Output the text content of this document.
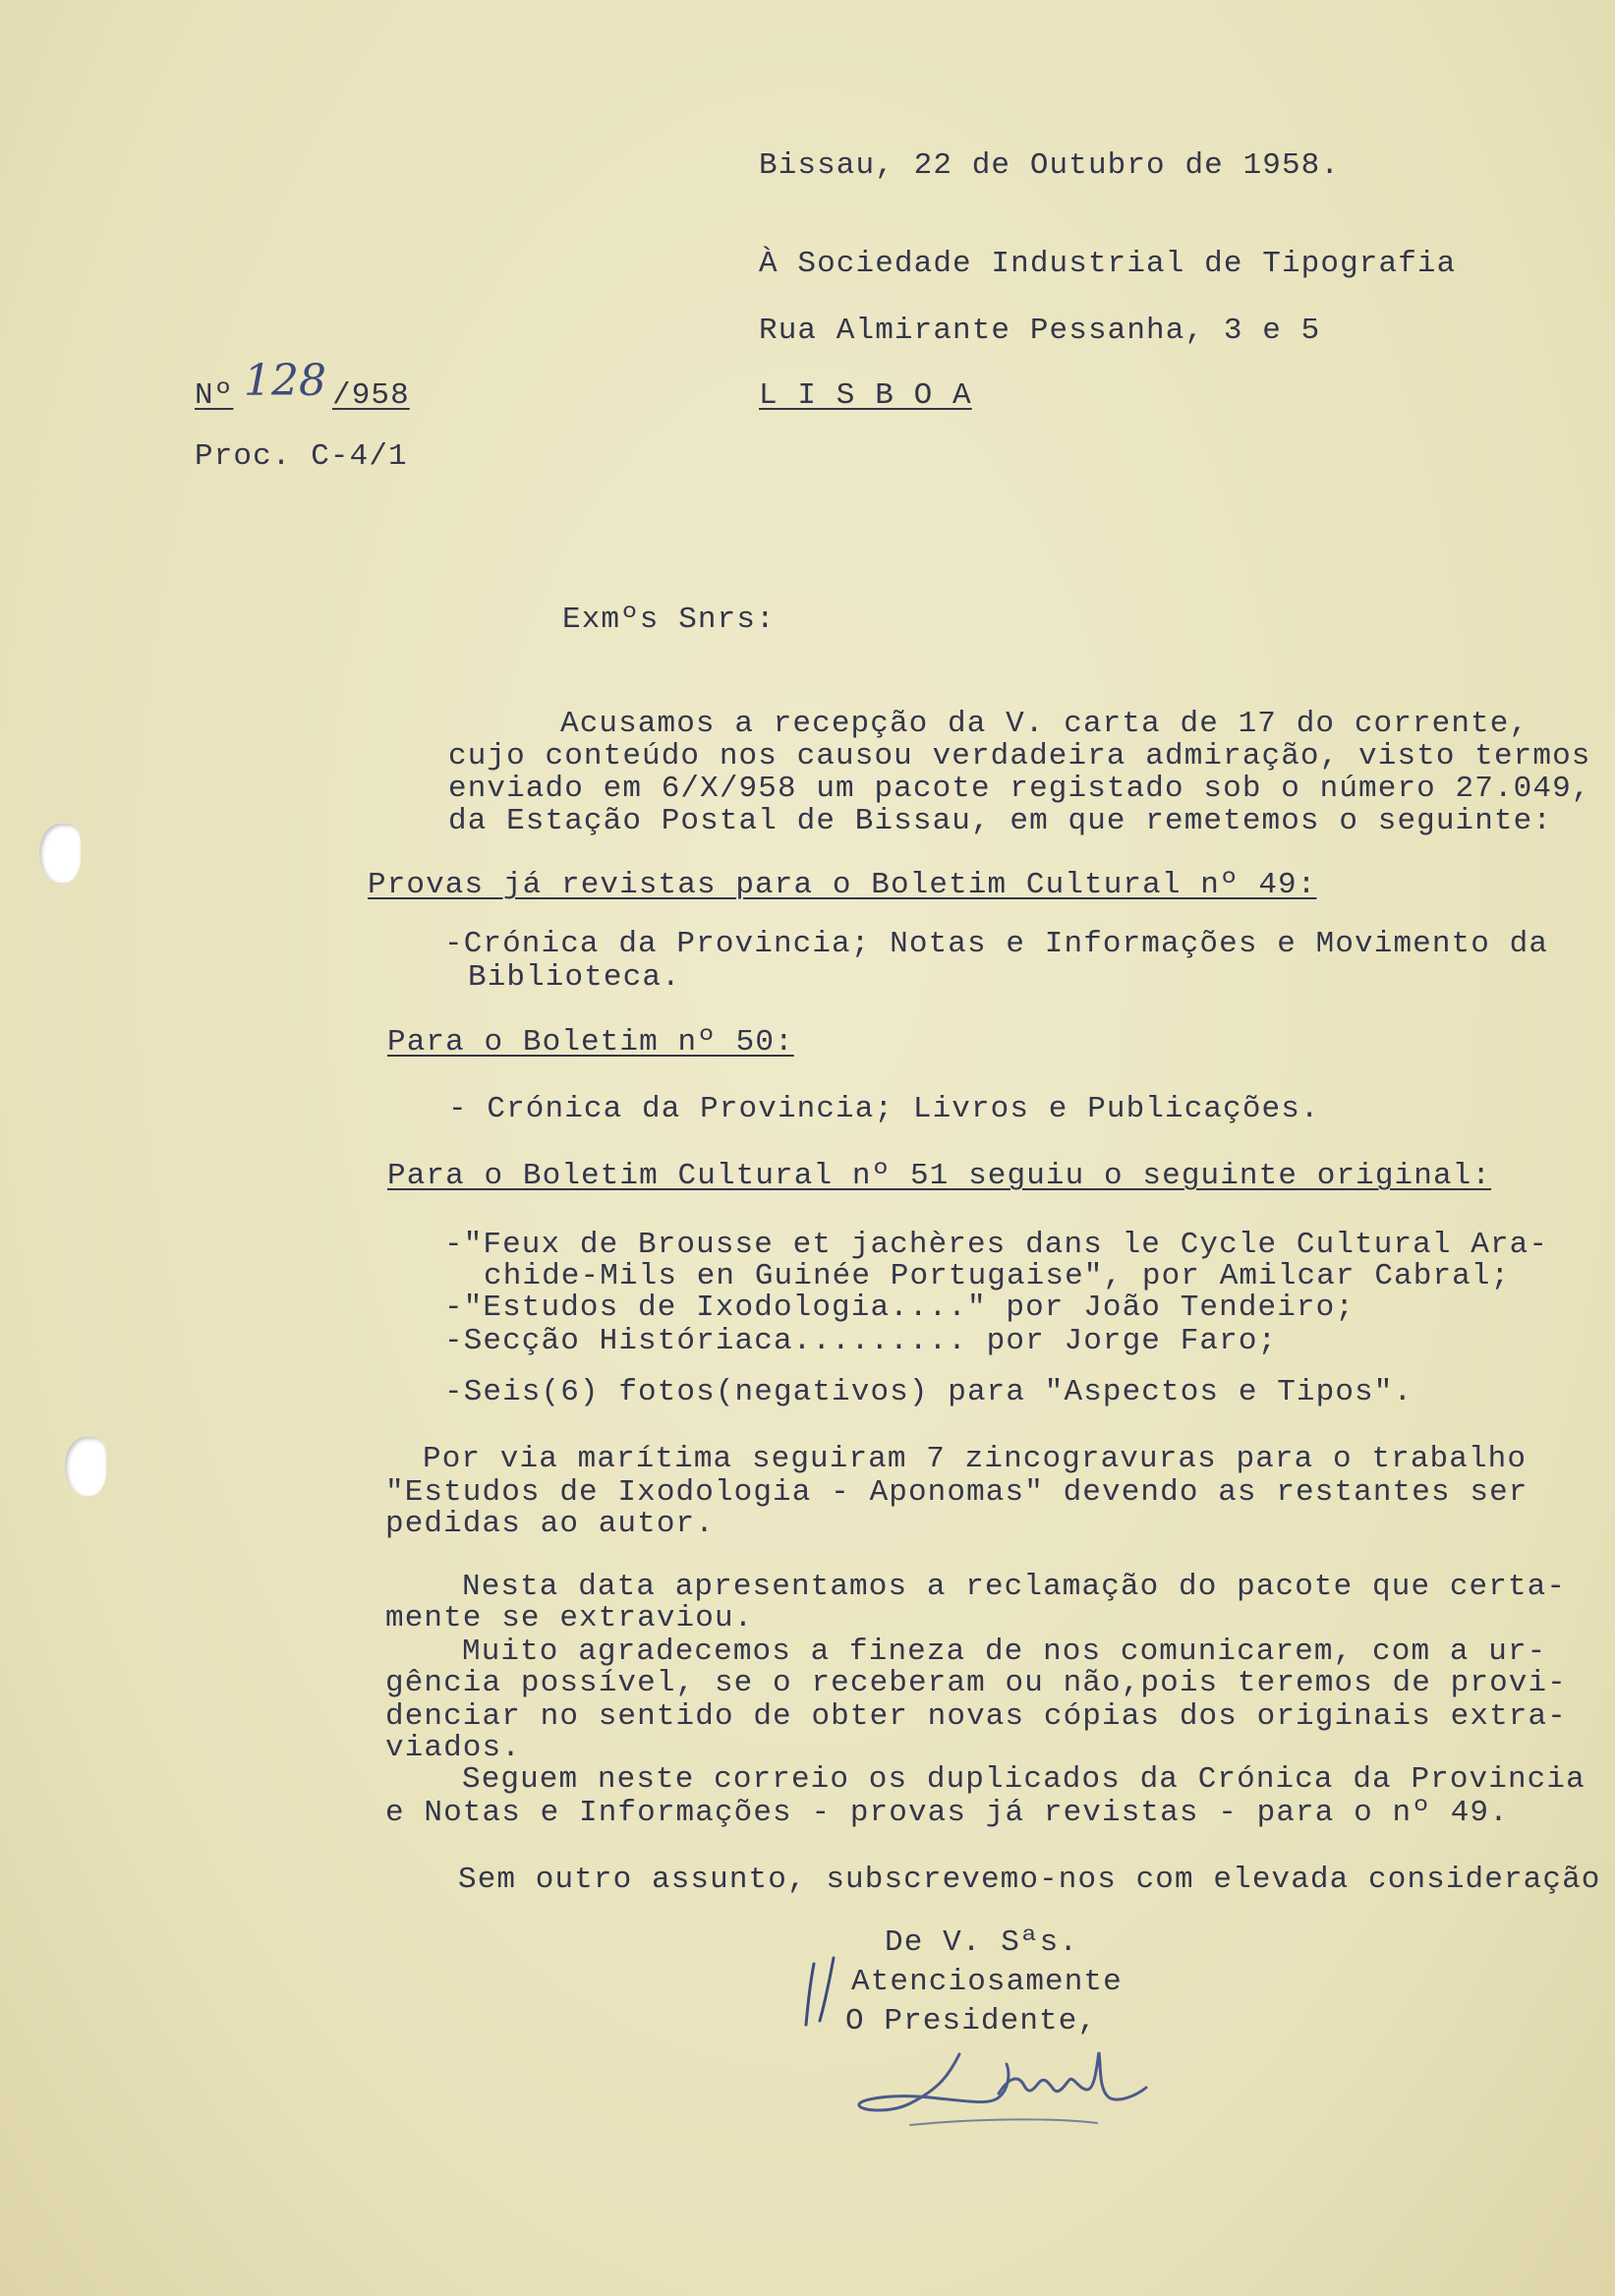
Bissau, 22 de Outubro de 1958.
À Sociedade Industrial de Tipografia
Rua Almirante Pessanha, 3 e 5
L I S B O A
Nº 128 /958
Proc. C-4/1
Exmºs Snrs:
Acusamos a recepção da V. carta de 17 do corrente,
cujo conteúdo nos causou verdadeira admiração, visto termos
enviado em 6/X/958 um pacote registado sob o número 27.049,
da Estação Postal de Bissau, em que remetemos o seguinte:
Provas já revistas para o Boletim Cultural nº 49:
-Crónica da Provincia; Notas e Informações e Movimento da
Biblioteca.
Para o Boletim nº 50:
- Crónica da Provincia; Livros e Publicações.
Para o Boletim Cultural nº 51 seguiu o seguinte original:
-"Feux de Brousse et jachères dans le Cycle Cultural Ara-
chide-Mils en Guinée Portugaise", por Amilcar Cabral;
-"Estudos de Ixodologia...." por João Tendeiro;
-Secção Históriaca......... por Jorge Faro;
-Seis(6) fotos(negativos) para "Aspectos e Tipos".
Por via marítima seguiram 7 zincogravuras para o trabalho
"Estudos de Ixodologia - Aponomas" devendo as restantes ser
pedidas ao autor.
Nesta data apresentamos a reclamação do pacote que certa-
mente se extraviou.
Muito agradecemos a fineza de nos comunicarem, com a ur-
gência possível, se o receberam ou não,pois teremos de provi-
denciar no sentido de obter novas cópias dos originais extra-
viados.
Seguem neste correio os duplicados da Crónica da Provincia
e Notas e Informações - provas já revistas - para o nº 49.
Sem outro assunto, subscrevemo-nos com elevada consideração
De V. Sªs.
Atenciosamente
O Presidente,
